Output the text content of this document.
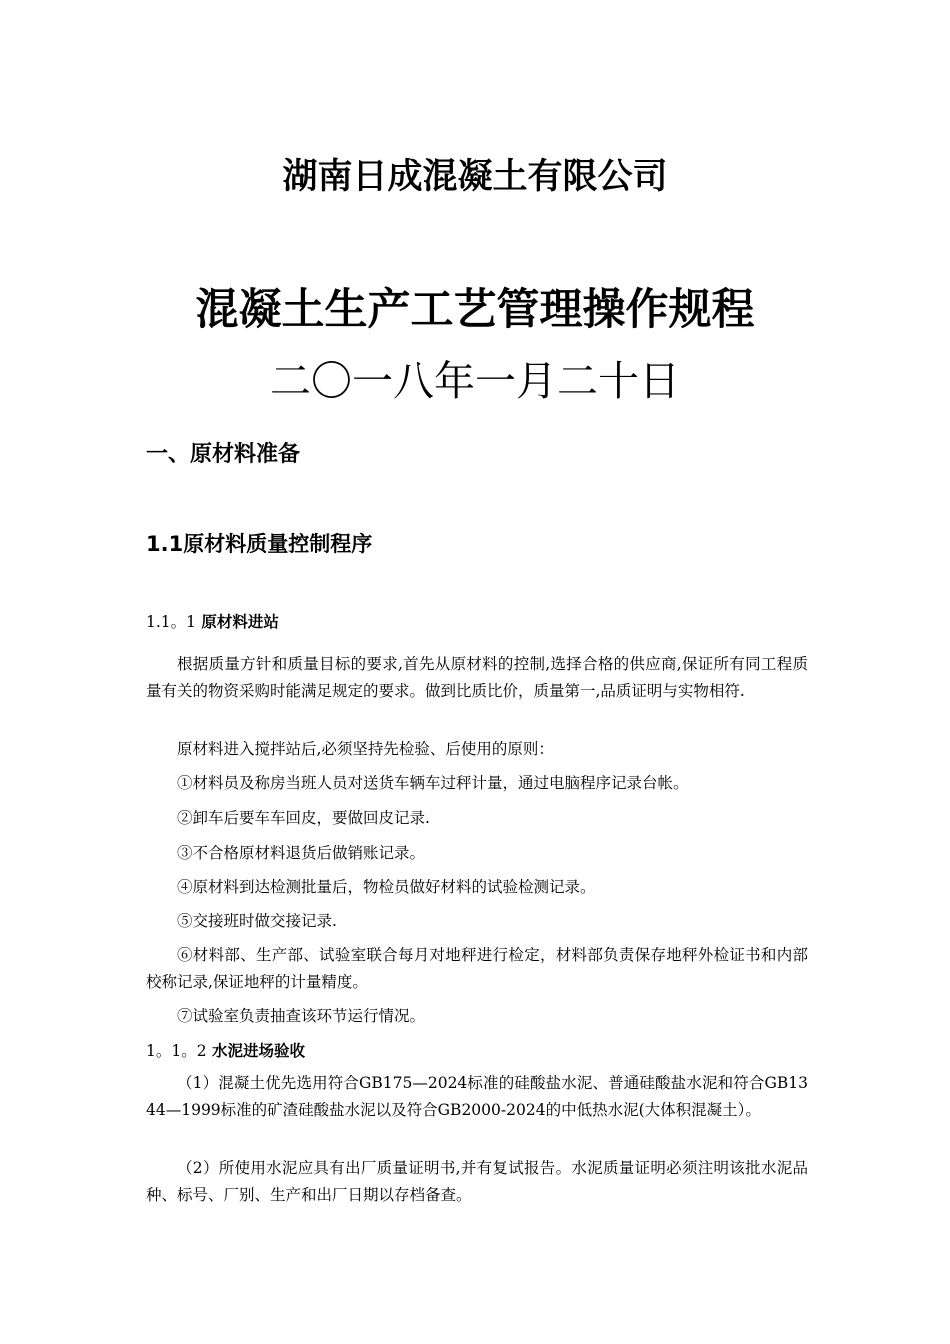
湖南日成混凝土有限公司
混凝土生产工艺管理操作规程
二〇一八年一月二十日
一、原材料准备
1.1原材料质量控制程序
1.1。1 原材料进站
根据质量方针和质量目标的要求,首先从原材料的控制,选择合格的供应商,保证所有同工程质量有关的物资采购时能满足规定的要求。做到比质比价，质量第一,品质证明与实物相符.
原材料进入搅拌站后,必须坚持先检验、后使用的原则：
①材料员及称房当班人员对送货车辆车过秤计量，通过电脑程序记录台帐。
②卸车后要车车回皮，要做回皮记录.
③不合格原材料退货后做销账记录。
④原材料到达检测批量后，物检员做好材料的试验检测记录。
⑤交接班时做交接记录.
⑥材料部、生产部、试验室联合每月对地秤进行检定，材料部负责保存地秤外检证书和内部校称记录,保证地秤的计量精度。
⑦试验室负责抽查该环节运行情况。
1。1。2 水泥进场验收
（1）混凝土优先选用符合GB175—2024标准的硅酸盐水泥、普通硅酸盐水泥和符合GB1344—1999标准的矿渣硅酸盐水泥以及符合GB2000-2024的中低热水泥(大体积混凝土）。
（2）所使用水泥应具有出厂质量证明书,并有复试报告。水泥质量证明必须注明该批水泥品种、标号、厂别、生产和出厂日期以存档备查。
